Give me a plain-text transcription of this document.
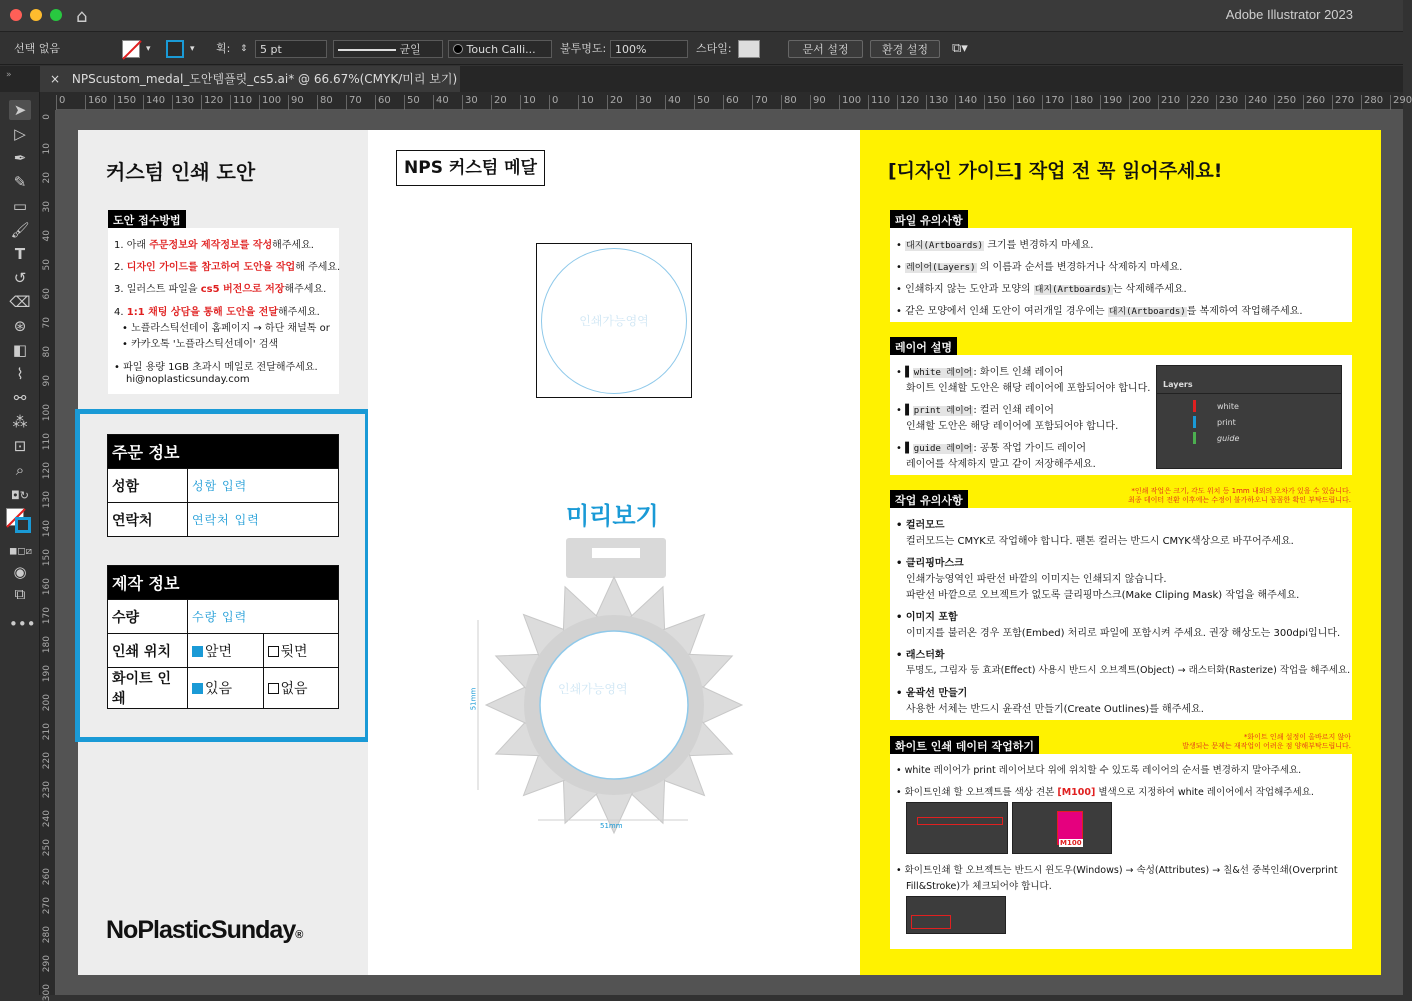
⌂	Adobe Illustrator 2023
선택 없음	▾	▾ 획: ⇕	5 pt	균일	Touch Calli...	불투명도: 100%	스타일:	문서 설정	환경 설정	⧉▾
»	× NPScustom_medal_도안템플릿_cs5.ai* @ 66.67%(CMYK/미리 보기)
➤
▷
✒
✎
▭
🖌
T
↺
⌫
⊛
◧
⌇
⚯
⁂
⊡
⌕
◘↻
◼◻⧄
◉
⧉
•••
0	160 150 140 130 120 110 100 90	80	70	60	50	40	30	20	10	0	10	20	30	40	50	60	70	80	90	100 110 120 130 140 150 160 170 180 190 200 210 220 230 240 250 260 270 280 290
0
10
20
30
40
50
60
70
80
90
100
110
120
130
140
150
160
170
180
190
200
210
220
230
240
250
260
270
280
290
300
커스텀 인쇄 도안
도안 접수방법
1. 아래 주문정보와 제작정보를 작성해주세요.
2. 디자인 가이드를 참고하여 도안을 작업해 주세요.
3. 일러스트 파일을 cs5 버전으로 저장해주세요.
4. 1:1 채팅 상담을 통해 도안을 전달해주세요.
• 노플라스틱선데이 홈페이지 → 하단 채널톡 or
• 카카오톡 '노플라스틱선데이' 검색
• 파일 용량 1GB 초과시 메일로 전달해주세요.
hi@noplasticsunday.com
주문 정보	
성함	성함 입력
연락처	연락처 입력
제작 정보		
수량	수량 입력	
인쇄 위치	앞면	뒷면
화이트 인쇄	있음	없음
NoPlasticSunday®
NPS 커스텀 메달
인쇄가능영역
미리보기
인쇄가능영역
51mm
51mm
[디자인 가이드] 작업 전 꼭 읽어주세요!
파일 유의사항
• 대지(Artboards) 크기를 변경하지 마세요.
• 레이어(Layers) 의 이름과 순서를 변경하거나 삭제하지 마세요.
• 인쇄하지 않는 도안과 모양의 대지(Artboards)는 삭제해주세요.
• 같은 모양에서 인쇄 도안이 여러개일 경우에는 대지(Artboards)를 복제하여 작업해주세요.
레이어 설명
• ▌white 레이어: 화이트 인쇄 레이어
화이트 인쇄할 도안은 해당 레이어에 포함되어야 합니다.
• ▌print 레이어: 컬러 인쇄 레이어
인쇄할 도안은 해당 레이어에 포함되어야 합니다.
• ▌guide 레이어: 공통 작업 가이드 레이어
레이어를 삭제하지 말고 같이 저장해주세요.
Layers
white
print
guide
작업 유의사항
*인쇄 작업은 크기, 각도 위치 등 1mm 내외의 오차가 있을 수 있습니다.
최종 데이터 전환 이후에는 수정이 불가하오니 꼼꼼한 확인 부탁드립니다.
• 컬러모드
컬러모드는 CMYK로 작업해야 합니다. 팬톤 컬러는 반드시 CMYK색상으로 바꾸어주세요.
• 클리핑마스크
인쇄가능영역인 파란선 바깥의 이미지는 인쇄되지 않습니다.
파란선 바깥으로 오브젝트가 없도록 클리핑마스크(Make Cliping Mask) 작업을 해주세요.
• 이미지 포함
이미지를 불러온 경우 포함(Embed) 처리로 파일에 포함시켜 주세요. 권장 해상도는 300dpi입니다.
• 래스터화
투명도, 그림자 등 효과(Effect) 사용시 반드시 오브젝트(Object) → 래스터화(Rasterize) 작업을 해주세요.
• 윤곽선 만들기
사용한 서체는 반드시 윤곽선 만들기(Create Outlines)를 해주세요.
화이트 인쇄 데이터 작업하기
*화이트 인쇄 설정이 올바르지 않아
발생되는 문제는 재작업이 어려운 점 양해부탁드립니다.
• white 레이어가 print 레이어보다 위에 위치할 수 있도록 레이어의 순서를 변경하지 말아주세요.
• 화이트인쇄 할 오브젝트를 색상 견본 [M100] 별색으로 지정하여 white 레이어에서 작업해주세요.
M100
• 화이트인쇄 할 오브젝트는 반드시 윈도우(Windows) → 속성(Attributes) → 칠&선 중복인쇄(Overprint
Fill&Stroke)가 체크되어야 합니다.
